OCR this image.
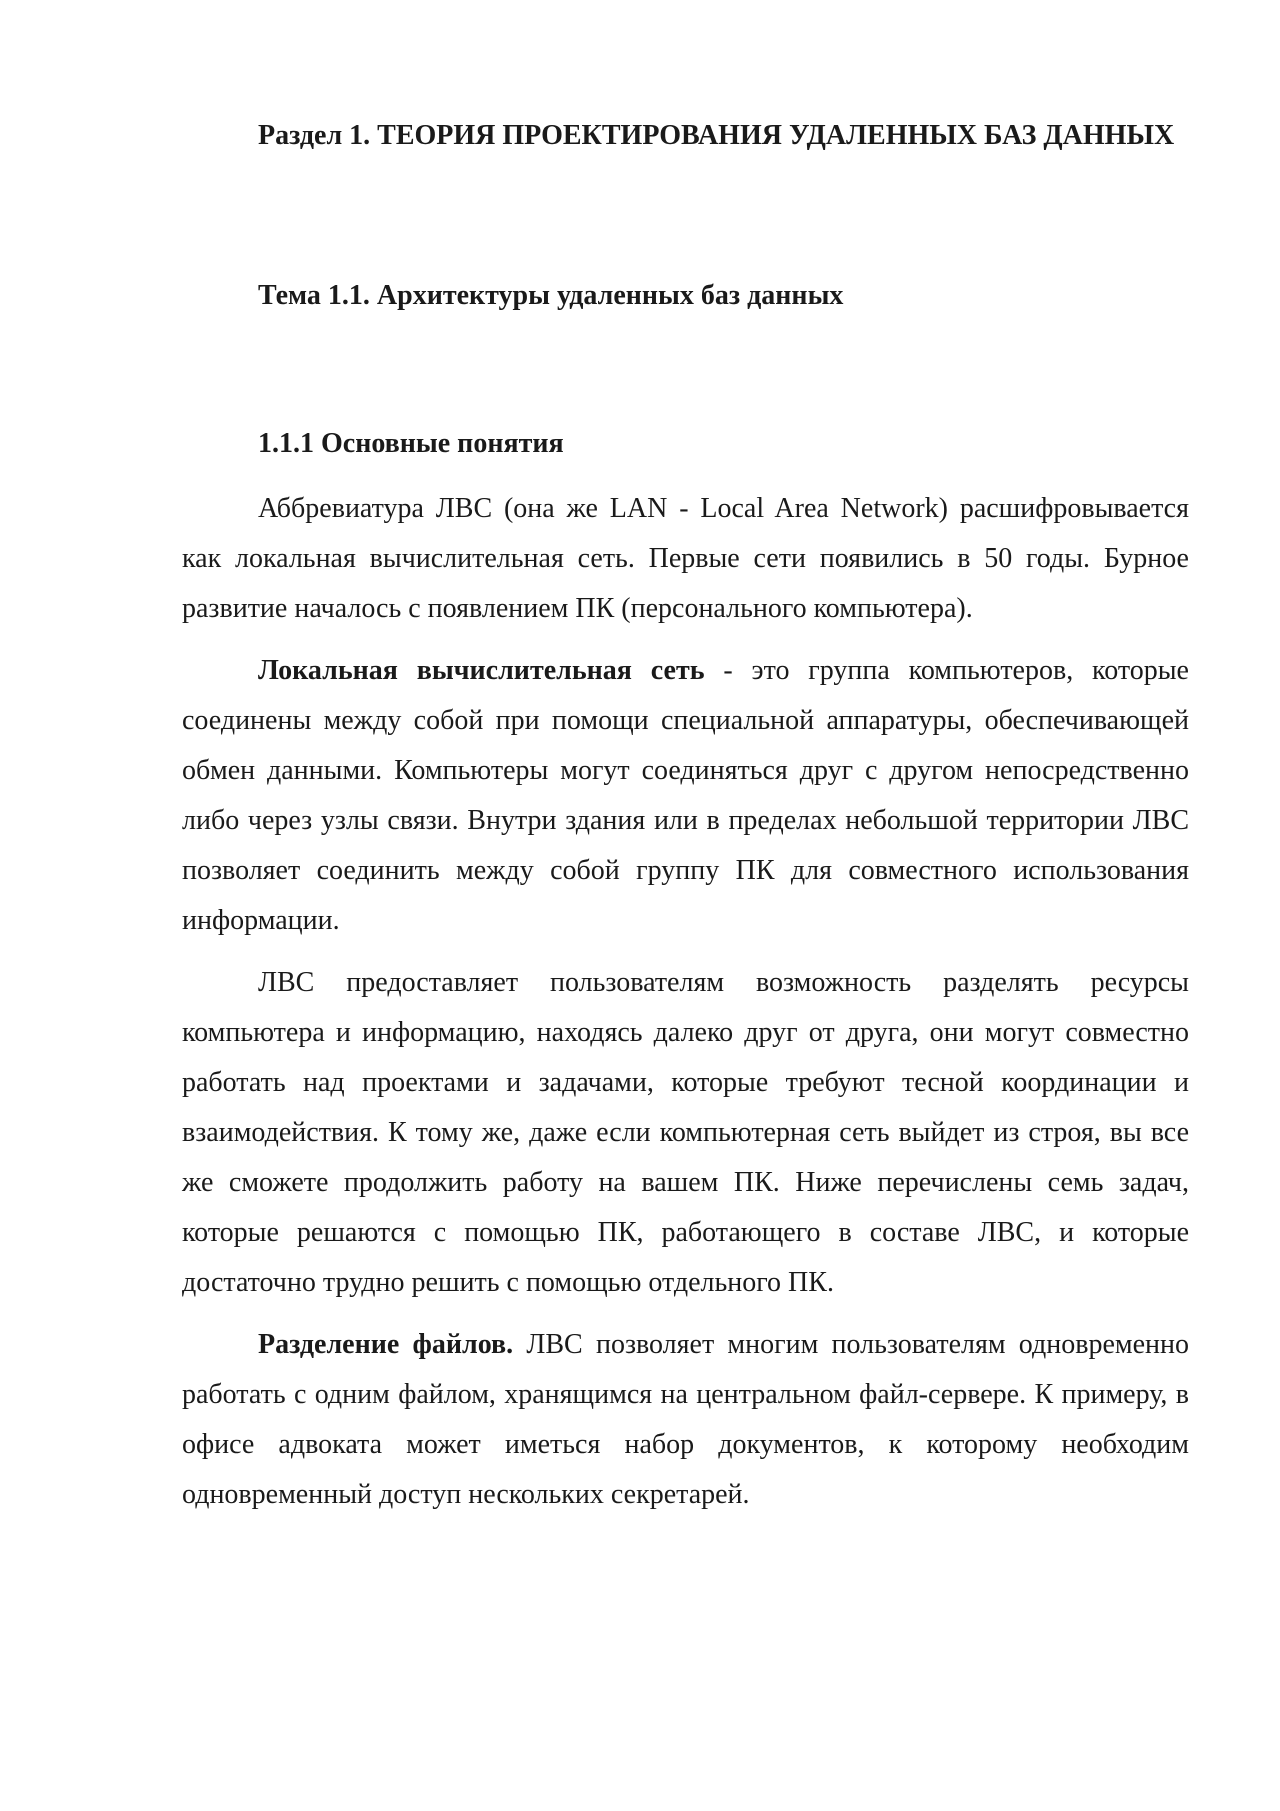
Раздел 1. ТЕОРИЯ ПРОЕКТИРОВАНИЯ УДАЛЕННЫХ БАЗ ДАННЫХ
Тема 1.1. Архитектуры удаленных баз данных
1.1.1 Основные понятия

Аббревиатура ЛВС (она же LAN - Local Area Network) расшифровывается как локальная вычислительная сеть. Первые сети появились в 50 годы. Бурное развитие началось с появлением ПК (персонального компьютера).

Локальная вычислительная сеть - это группа компьютеров, которые соединены между собой при помощи специальной аппаратуры, обеспечивающей обмен данными. Компьютеры могут соединяться друг с другом непосредственно либо через узлы связи. Внутри здания или в пределах небольшой территории ЛВС позволяет соединить между собой группу ПК для совместного использования информации.

ЛВС предоставляет пользователям возможность разделять ресурсы компьютера и информацию, находясь далеко друг от друга, они могут совместно работать над проектами и задачами, которые требуют тесной координации и взаимодействия. К тому же, даже если компьютерная сеть выйдет из строя, вы все же сможете продолжить работу на вашем ПК. Ниже перечислены семь задач, которые решаются с помощью ПК, работающего в составе ЛВС, и которые достаточно трудно решить с помощью отдельного ПК.

Разделение файлов. ЛВС позволяет многим пользователям одновременно работать с одним файлом, хранящимся на центральном файл-сервере. К примеру, в офисе адвоката может иметься набор документов, к которому необходим одновременный доступ нескольких секретарей.
